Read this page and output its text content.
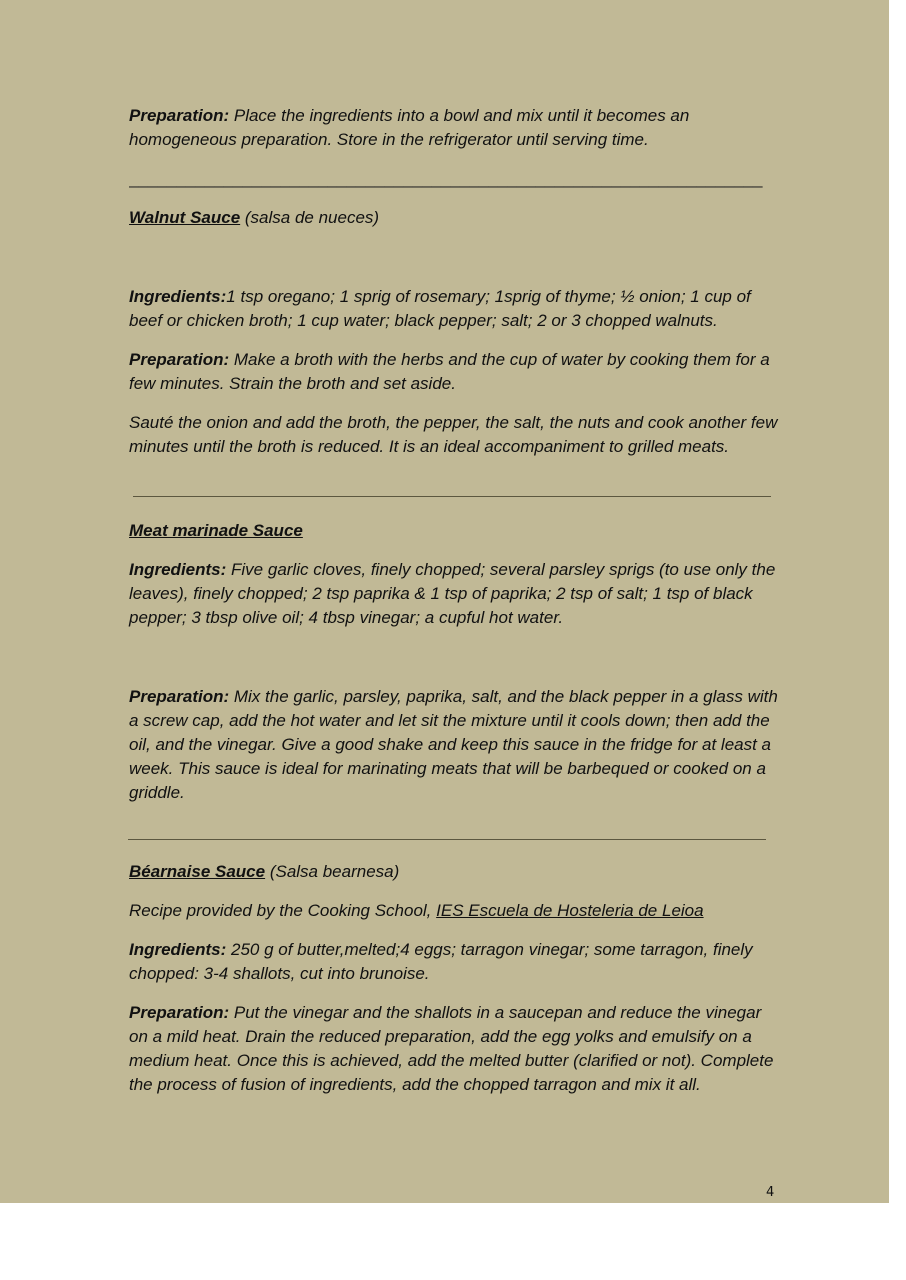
Preparation: Place the ingredients into a bowl and mix until it becomes an homogeneous preparation. Store in the refrigerator until serving time.

___________________________________________________________________

Walnut Sauce (salsa de nueces)

Ingredients:1 tsp oregano; 1 sprig of rosemary; 1sprig of thyme; ½ onion; 1 cup of beef or chicken broth; 1 cup water; black pepper; salt; 2 or 3 chopped walnuts.

Preparation: Make a broth with the herbs and the cup of water by cooking them for a few minutes. Strain the broth and set aside.

Sauté the onion and add the broth, the pepper, the salt, the nuts and cook another few minutes until the broth is reduced. It is an ideal accompaniment to grilled meats.

Meat marinade Sauce

Ingredients: Five garlic cloves, finely chopped; several parsley sprigs (to use only the leaves), finely chopped; 2 tsp paprika & 1 tsp of paprika; 2 tsp of salt; 1 tsp of black pepper; 3 tbsp olive oil; 4 tbsp vinegar; a cupful hot water.

Preparation: Mix the garlic, parsley, paprika, salt, and the black pepper in a glass with a screw cap, add the hot water and let sit the mixture until it cools down; then add the oil, and the vinegar. Give a good shake and keep this sauce in the fridge for at least a week. This sauce is ideal for marinating meats that will be barbequed or cooked on a griddle.

Béarnaise Sauce (Salsa bearnesa)

Recipe provided by the Cooking School, IES Escuela de Hosteleria de Leioa

Ingredients: 250 g of butter,melted;4 eggs; tarragon vinegar; some tarragon, finely chopped: 3-4 shallots, cut into brunoise.

Preparation: Put the vinegar and the shallots in a saucepan and reduce the vinegar on a mild heat. Drain the reduced preparation, add the egg yolks and emulsify on a medium heat. Once this is achieved, add the melted butter (clarified or not). Complete the process of fusion of ingredients, add the chopped tarragon and mix it all.

4
